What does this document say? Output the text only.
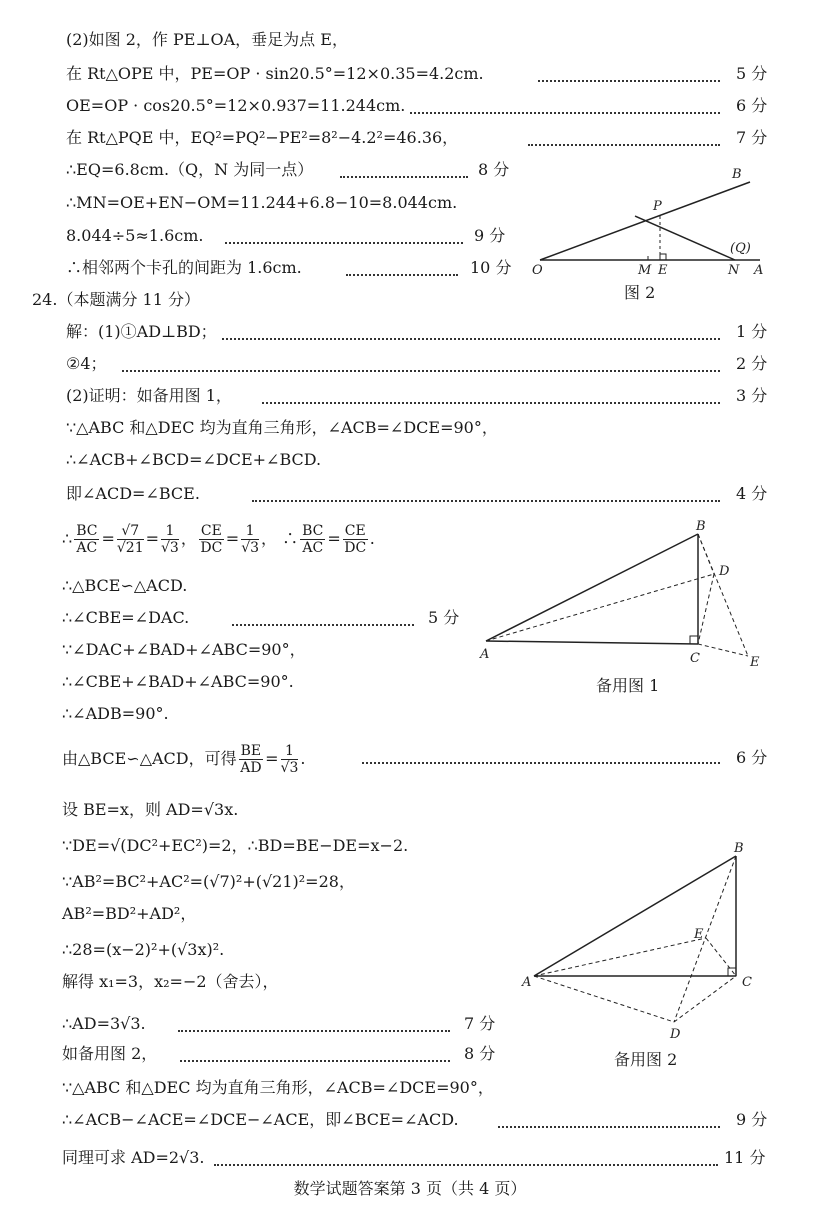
(2)如图 2，作 PE⊥OA，垂足为点 E，
在 Rt△OPE 中，PE=OP · sin20.5°=12×0.35=4.2cm.	5 分
OE=OP · cos20.5°=12×0.937=11.244cm.	6 分
在 Rt△PQE 中，EQ²=PQ²−PE²=8²−4.2²=46.36，	7 分
∴EQ=6.8cm.（Q，N 为同一点）	8 分
∴MN=OE+EN−OM=11.244+6.8−10=8.044cm.
8.044÷5≈1.6cm.	9 分
∴相邻两个卡孔的间距为 1.6cm.	10 分
B
P
(Q)
O	M E	N A
图 2
24.（本题满分 11 分）
解：(1)①AD⊥BD；	1 分
②4；	2 分
(2)证明：如备用图 1，	3 分
∵△ABC 和△DEC 均为直角三角形，∠ACB=∠DCE=90°，
∴∠ACB+∠BCD=∠DCE+∠BCD.
即∠ACD=∠BCE.	4 分
∴ $\frac{BC}{AC} = \frac{√7}{√21} = \frac{1}{√3}$ ， $\frac{CE}{DC} = \frac{1}{√3}$ ， ∴ $\frac{BC}{AC} = \frac{CE}{DC}$ .
∴△BCE∽△ACD.
∴∠CBE=∠DAC.	5 分
∵∠DAC+∠BAD+∠ABC=90°，
∴∠CBE+∠BAD+∠ABC=90°.
∴∠ADB=90°.
B
D
A	C	E
备用图 1
由△BCE∽△ACD，可得 $\frac{BE}{AD} = \frac{1}{√3}$ .	6 分
设 BE=x，则 AD=√3x.
∵DE=√(DC²+EC²)=2，∴BD=BE−DE=x−2.
∵AB²=BC²+AC²=(√7)²+(√21)²=28，
AB²=BD²+AD²，
∴28=(x−2)²+(√3x)².
解得 x₁=3，x₂=−2（舍去），
∴AD=3√3.	7 分
如备用图 2，	8 分
B
E
A	C
D
备用图 2
∵△ABC 和△DEC 均为直角三角形，∠ACB=∠DCE=90°，
∴∠ACB−∠ACE=∠DCE−∠ACE，即∠BCE=∠ACD.	9 分
同理可求 AD=2√3.	11 分
数学试题答案第 3 页（共 4 页）
